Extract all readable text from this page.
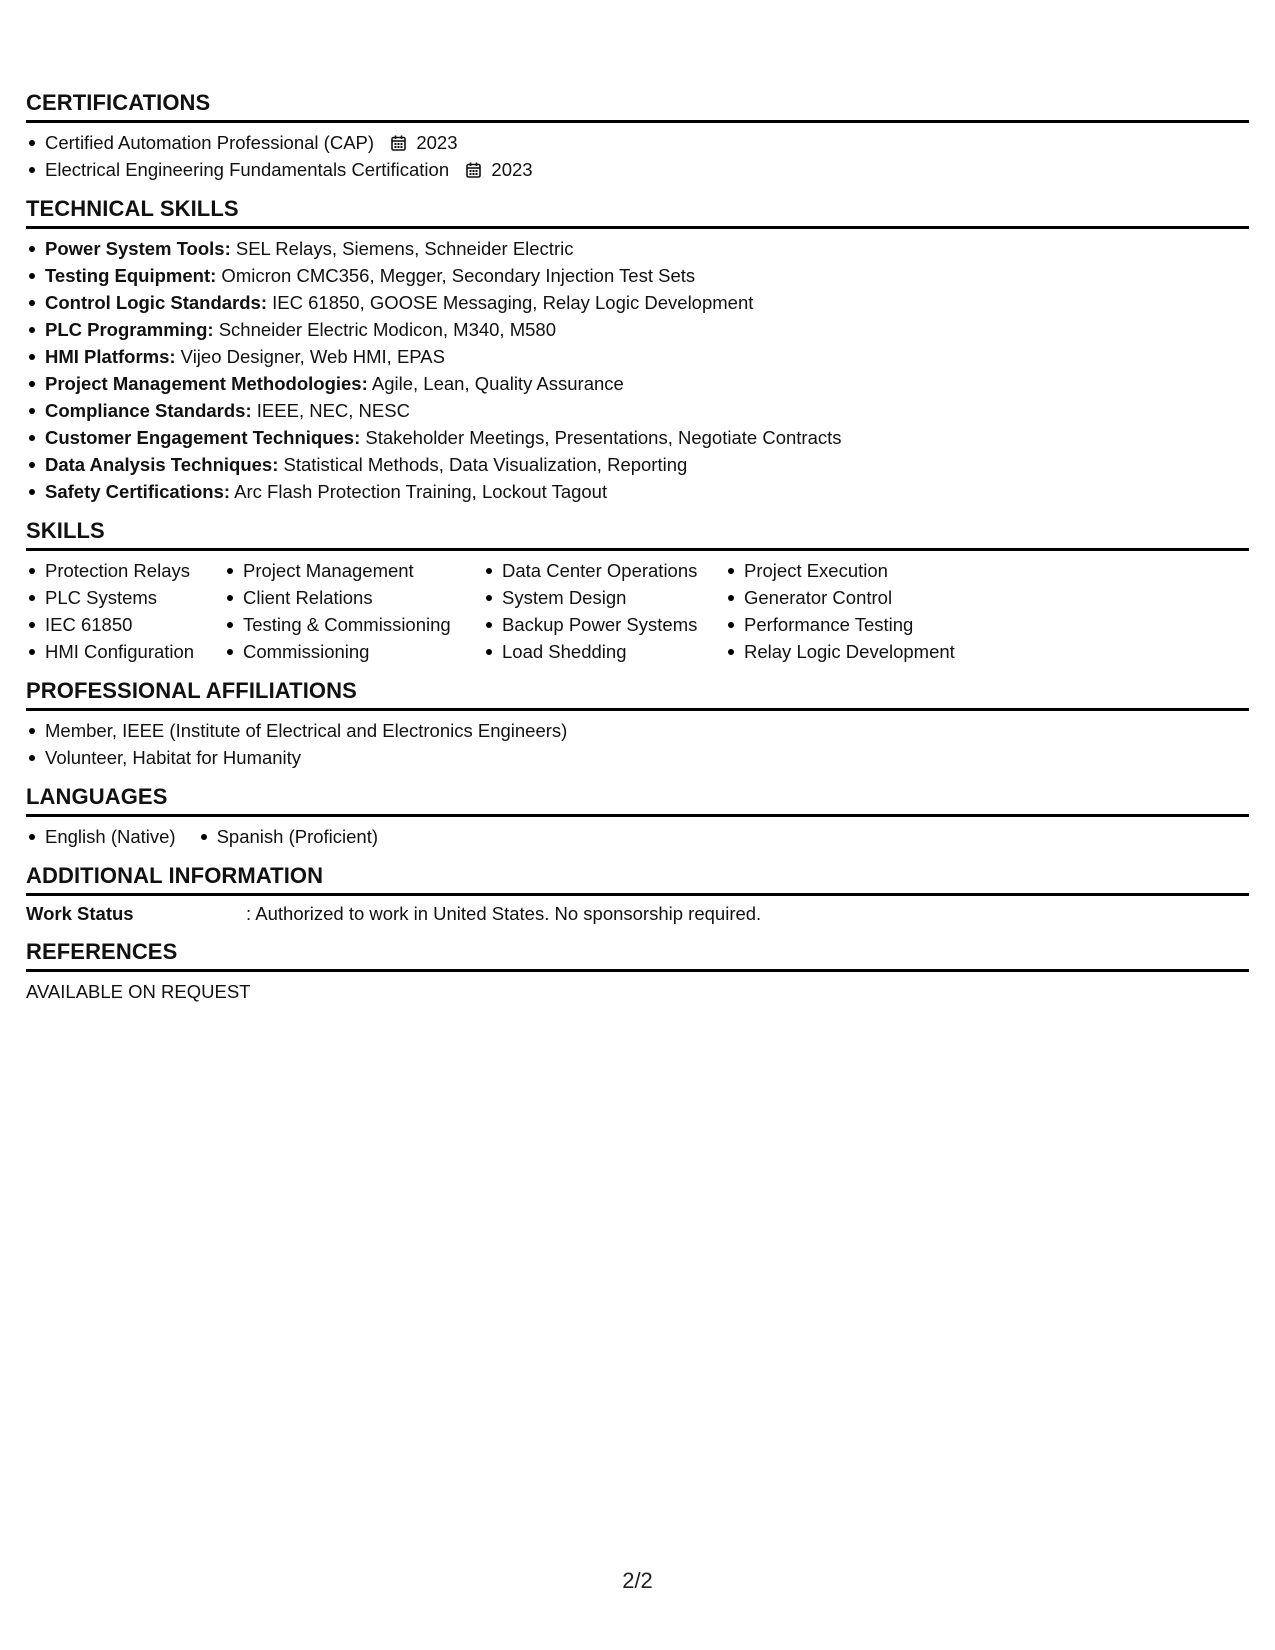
CERTIFICATIONS
Certified Automation Professional (CAP) 2023
Electrical Engineering Fundamentals Certification 2023
TECHNICAL SKILLS
Power System Tools: SEL Relays, Siemens, Schneider Electric
Testing Equipment: Omicron CMC356, Megger, Secondary Injection Test Sets
Control Logic Standards: IEC 61850, GOOSE Messaging, Relay Logic Development
PLC Programming: Schneider Electric Modicon, M340, M580
HMI Platforms: Vijeo Designer, Web HMI, EPAS
Project Management Methodologies: Agile, Lean, Quality Assurance
Compliance Standards: IEEE, NEC, NESC
Customer Engagement Techniques: Stakeholder Meetings, Presentations, Negotiate Contracts
Data Analysis Techniques: Statistical Methods, Data Visualization, Reporting
Safety Certifications: Arc Flash Protection Training, Lockout Tagout
SKILLS
Protection Relays
PLC Systems
IEC 61850
HMI Configuration
Project Management
Client Relations
Testing & Commissioning
Commissioning
Data Center Operations
System Design
Backup Power Systems
Load Shedding
Project Execution
Generator Control
Performance Testing
Relay Logic Development
PROFESSIONAL AFFILIATIONS
Member, IEEE (Institute of Electrical and Electronics Engineers)
Volunteer, Habitat for Humanity
LANGUAGES
English (Native)	Spanish (Proficient)
ADDITIONAL INFORMATION
Work Status	: Authorized to work in United States. No sponsorship required.
REFERENCES
AVAILABLE ON REQUEST
2/2
